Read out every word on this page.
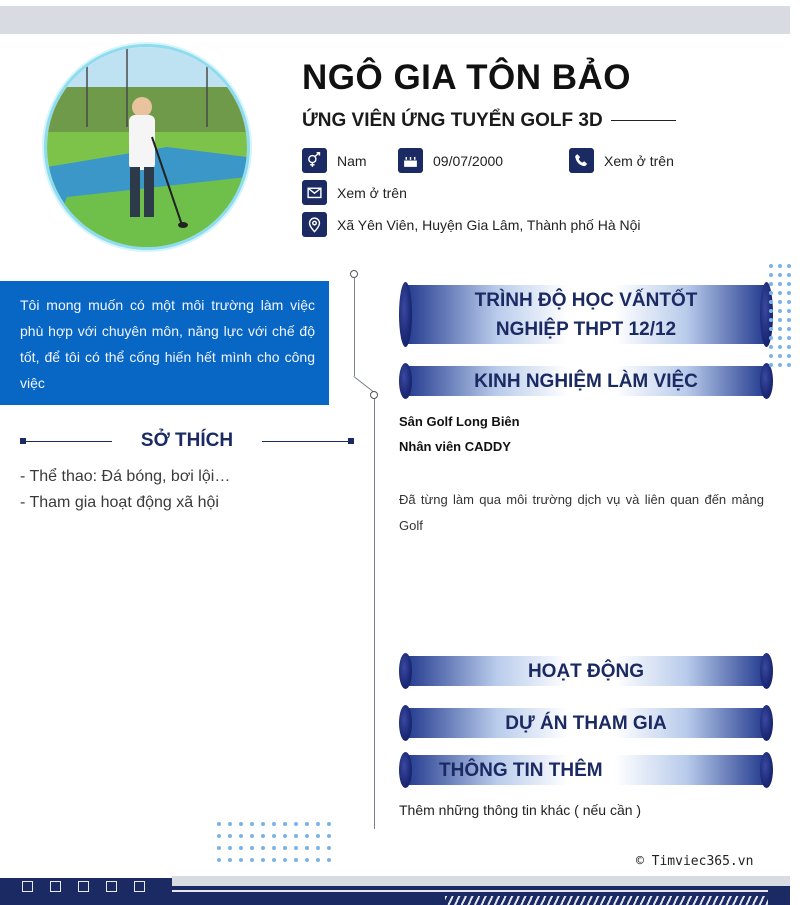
NGÔ GIA TÔN BẢO
ỨNG VIÊN ỨNG TUYỂN GOLF 3D
Nam	09/07/2000	Xem ở trên
Xem ở trên
Xã Yên Viên, Huyện Gia Lâm, Thành phố Hà Nội
Tôi mong muốn có một môi trường làm việc phù hợp với chuyên môn, năng lực với chế độ tốt, để tôi có thể cống hiến hết mình cho công việc
SỞ THÍCH
- Thể thao: Đá bóng, bơi lội…
- Tham gia hoạt động xã hội
TRÌNH ĐỘ HỌC VẤNTỐT
NGHIỆP THPT 12/12
KINH NGHIỆM LÀM VIỆC
Sân Golf Long Biên
Nhân viên CADDY
Đã từng làm qua môi trường dịch vụ và liên quan đến mảng Golf
HOẠT ĐỘNG
DỰ ÁN THAM GIA
THÔNG TIN THÊM
Thêm những thông tin khác ( nếu cần )
© Timviec365.vn
